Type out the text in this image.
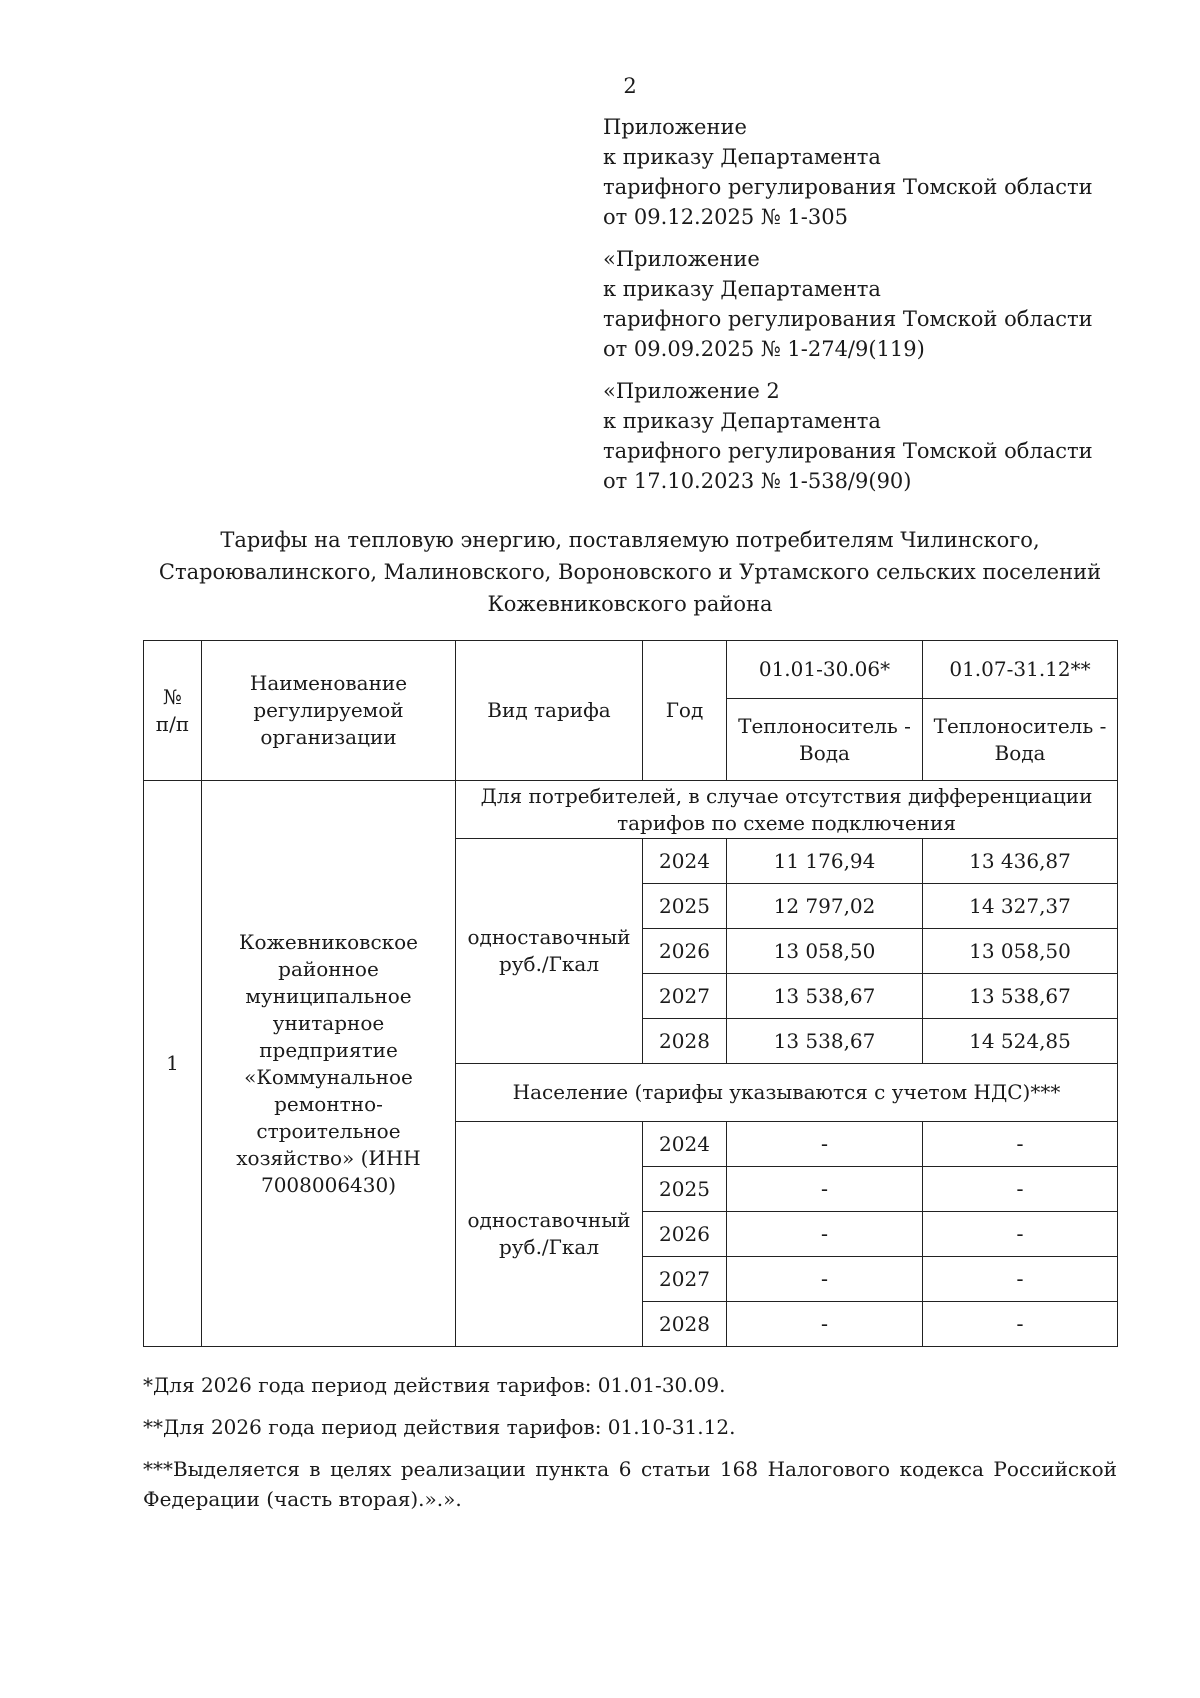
2
Приложение
к приказу Департамента
тарифного регулирования Томской области
от 09.12.2025 № 1-305
«Приложение
к приказу Департамента
тарифного регулирования Томской области
от 09.09.2025 № 1-274/9(119)
«Приложение 2
к приказу Департамента
тарифного регулирования Томской области
от 17.10.2023 № 1-538/9(90)
Тарифы на тепловую энергию, поставляемую потребителям Чилинского,
Староювалинского, Малиновского, Вороновского и Уртамского сельских поселений
Кожевниковского района
№ п/п	Наименование регулируемой организации	Вид тарифа	Год	01.01-30.06*	01.07-31.12**
				Теплоноситель - Вода	Теплоноситель - Вода
1	Кожевниковское районное муниципальное унитарное предприятие «Коммунальное ремонтно-строительное хозяйство» (ИНН 7008006430)	Для потребителей, в случае отсутствия дифференциации тарифов по схеме подключения			
		одноставочный руб./Гкал	2024	11 176,94	13 436,87
			2025	12 797,02	14 327,37
			2026	13 058,50	13 058,50
			2027	13 538,67	13 538,67
			2028	13 538,67	14 524,85
		Население (тарифы указываются с учетом НДС)***			
		одноставочный руб./Гкал	2024	-	-
			2025	-	-
			2026	-	-
			2027	-	-
			2028	-	-

*Для 2026 года период действия тарифов: 01.01-30.09.

**Для 2026 года период действия тарифов: 01.10-31.12.

***Выделяется в целях реализации пункта 6 статьи 168 Налогового кодекса Российской Федерации (часть вторая).».».
